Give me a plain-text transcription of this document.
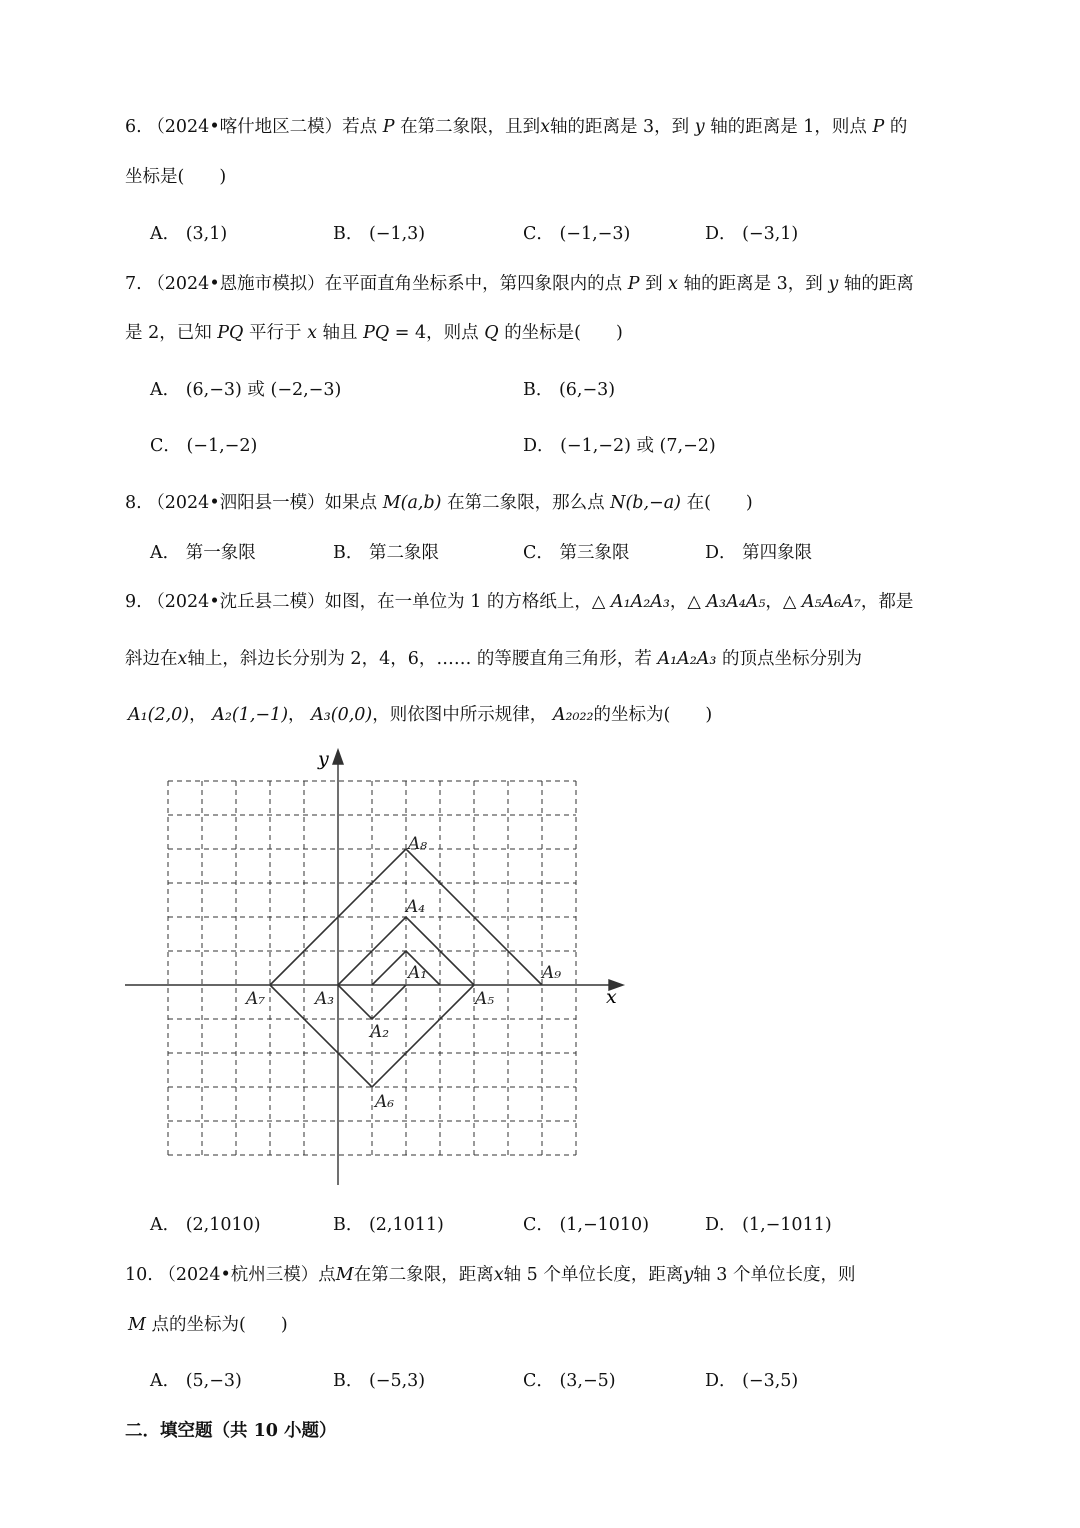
6. （2024•喀什地区二模）若点 P 在第二象限，且到x轴的距离是 3，到 y 轴的距离是 1，则点 P 的
坐标是(　　)
A． (3,1)	B． (−1,3)	C． (−1,−3)	D． (−3,1)
7. （2024•恩施市模拟）在平面直角坐标系中，第四象限内的点 P 到 x 轴的距离是 3，到 y 轴的距离
是 2，已知 PQ 平行于 x 轴且 PQ = 4，则点 Q 的坐标是(　　)
A． (6,−3) 或 (−2,−3)	B． (6,−3)
C． (−1,−2)	D． (−1,−2) 或 (7,−2)
8. （2024•泗阳县一模）如果点 M(a,b) 在第二象限，那么点 N(b,−a) 在(　　)
A． 第一象限	B． 第二象限	C． 第三象限	D． 第四象限
9. （2024•沈丘县二模）如图，在一单位为 1 的方格纸上，△ A₁A₂A₃，△ A₃A₄A₅，△ A₅A₆A₇，都是
斜边在x轴上，斜边长分别为 2，4，6，…… 的等腰直角三角形，若 A₁A₂A₃ 的顶点坐标分别为
A₁(2,0)， A₂(1,−1)， A₃(0,0)，则依图中所示规律， A₂₀₂₂的坐标为(　　)
x
y
A₁
A₂
A₃
A₄
A₅
A₆
A₇
A₈
A₉
A． (2,1010)	B． (2,1011)	C． (1,−1010)	D． (1,−1011)
10. （2024•杭州三模）点M在第二象限，距离x轴 5 个单位长度，距离y轴 3 个单位长度，则
M 点的坐标为(　　)
A． (5,−3)	B． (−5,3)	C． (3,−5)	D． (−3,5)
二．填空题（共 10 小题）
